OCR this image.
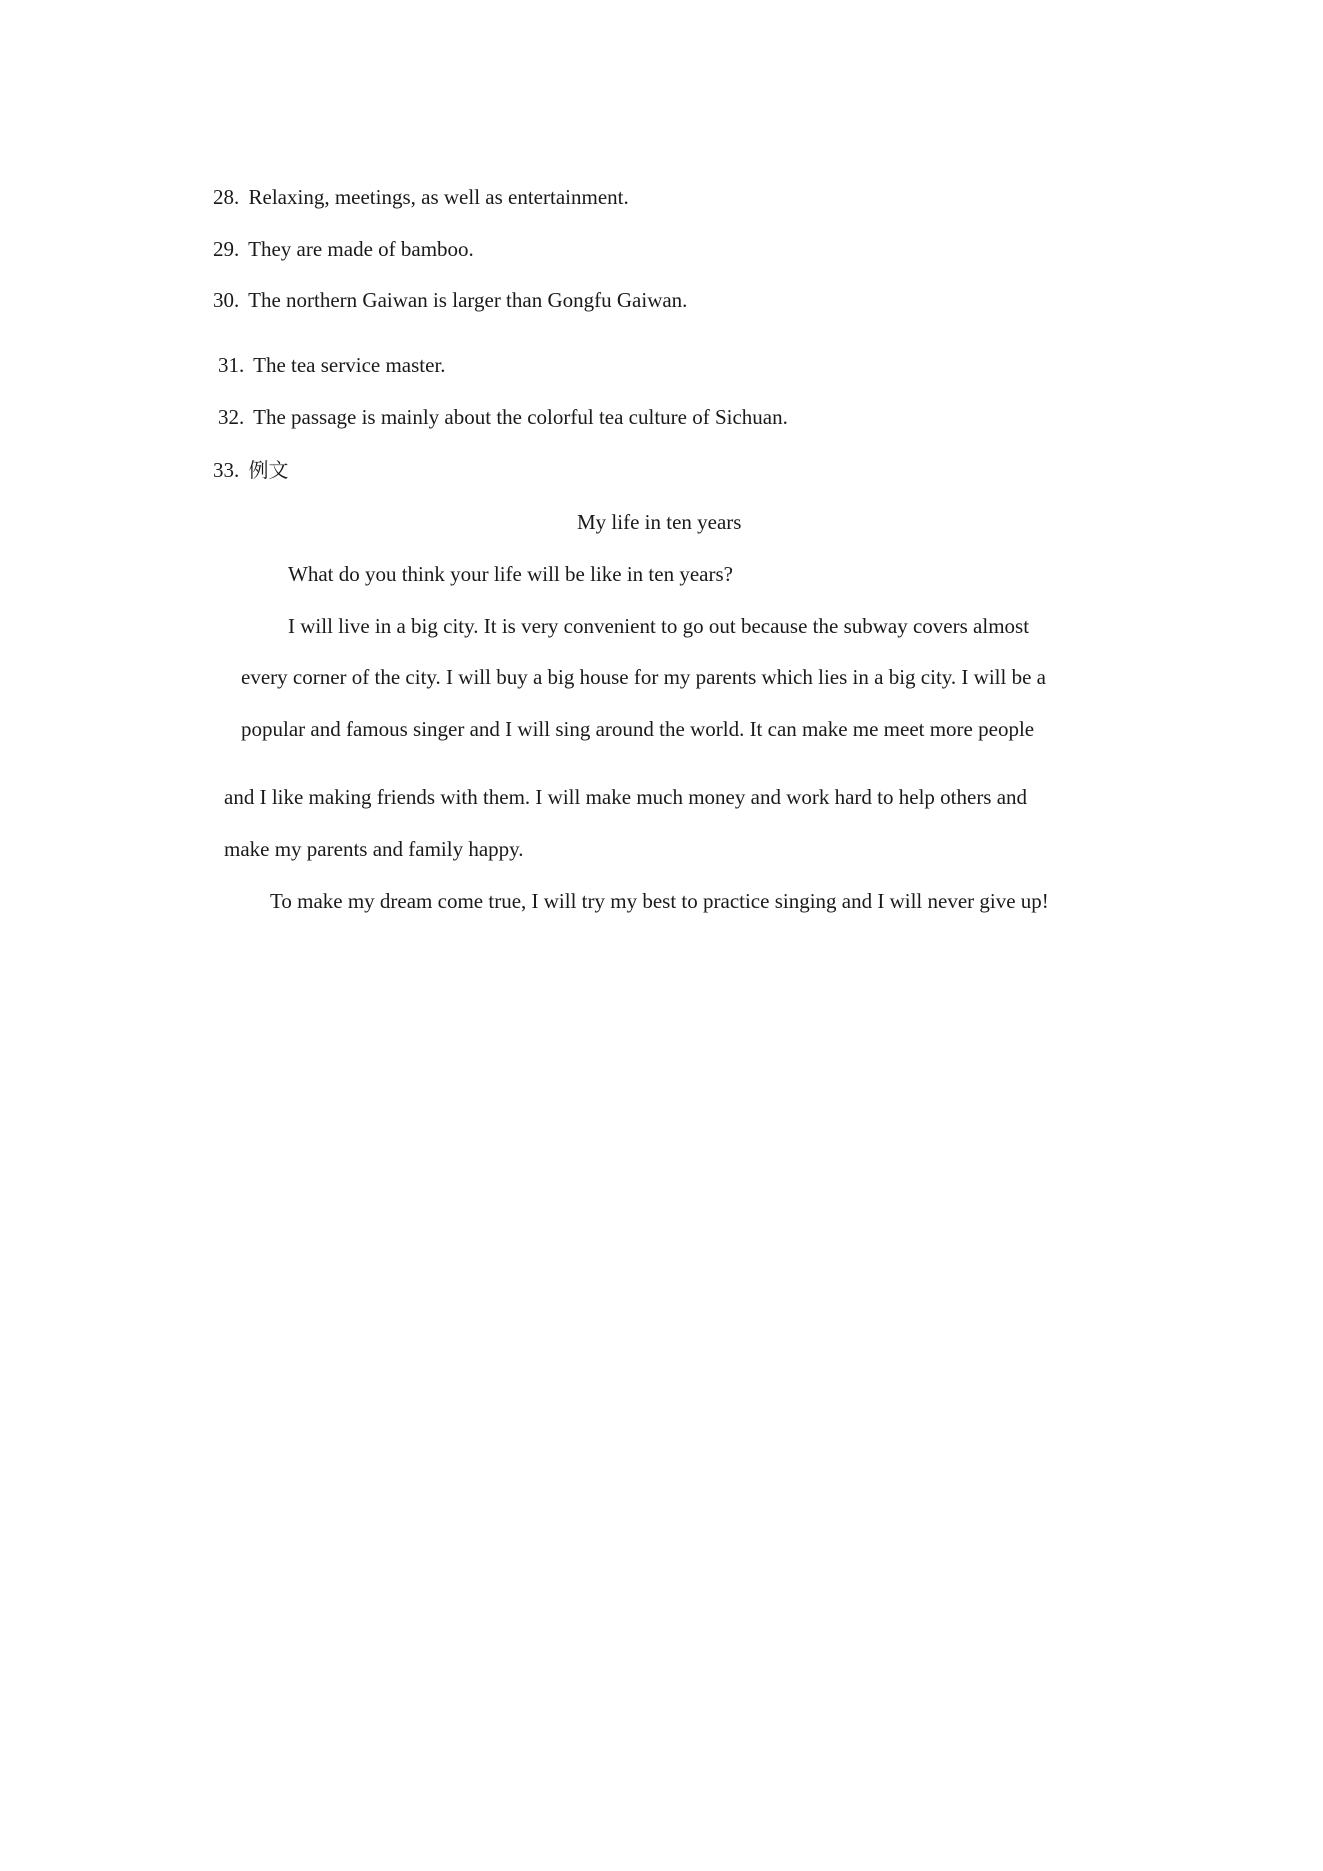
28. Relaxing, meetings, as well as entertainment.
29. They are made of bamboo.
30. The northern Gaiwan is larger than Gongfu Gaiwan.
31. The tea service master.
32. The passage is mainly about the colorful tea culture of Sichuan.
33. 例文
My life in ten years
What do you think your life will be like in ten years?
I will live in a big city. It is very convenient to go out because the subway covers almost
every corner of the city. I will buy a big house for my parents which lies in a big city. I will be a
popular and famous singer and I will sing around the world. It can make me meet more people
and I like making friends with them. I will make much money and work hard to help others and
make my parents and family happy.
To make my dream come true, I will try my best to practice singing and I will never give up!
